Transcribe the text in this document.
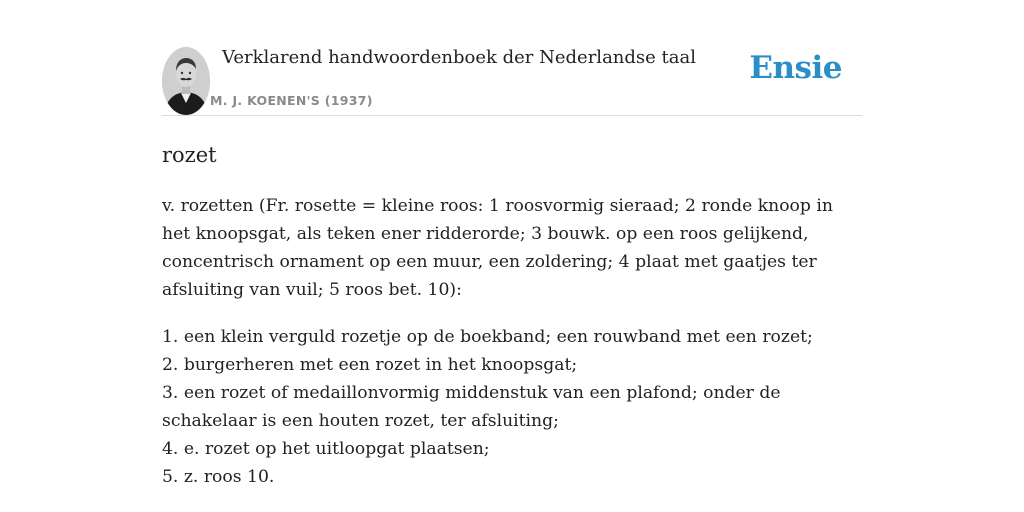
Verklarend handwoordenboek der Nederlandse taal
M. J. KOENEN'S (1937)
Ensie
rozet

v. rozetten (Fr. rosette = kleine roos: 1 roosvormig sieraad; 2 ronde knoop in het knoopsgat, als teken ener ridderorde; 3 bouwk. op een roos gelijkend, concentrisch ornament op een muur, een zoldering; 4 plaat met gaatjes ter afsluiting van vuil; 5 roos bet. 10):

1. een klein verguld rozetje op de boekband; een rouwband met een rozet;
2. burgerheren met een rozet in het knoopsgat;
3. een rozet of medaillonvormig middenstuk van een plafond; onder de schakelaar is een houten rozet, ter afsluiting;
4. e. rozet op het uitloopgat plaatsen;
5. z. roos 10.
